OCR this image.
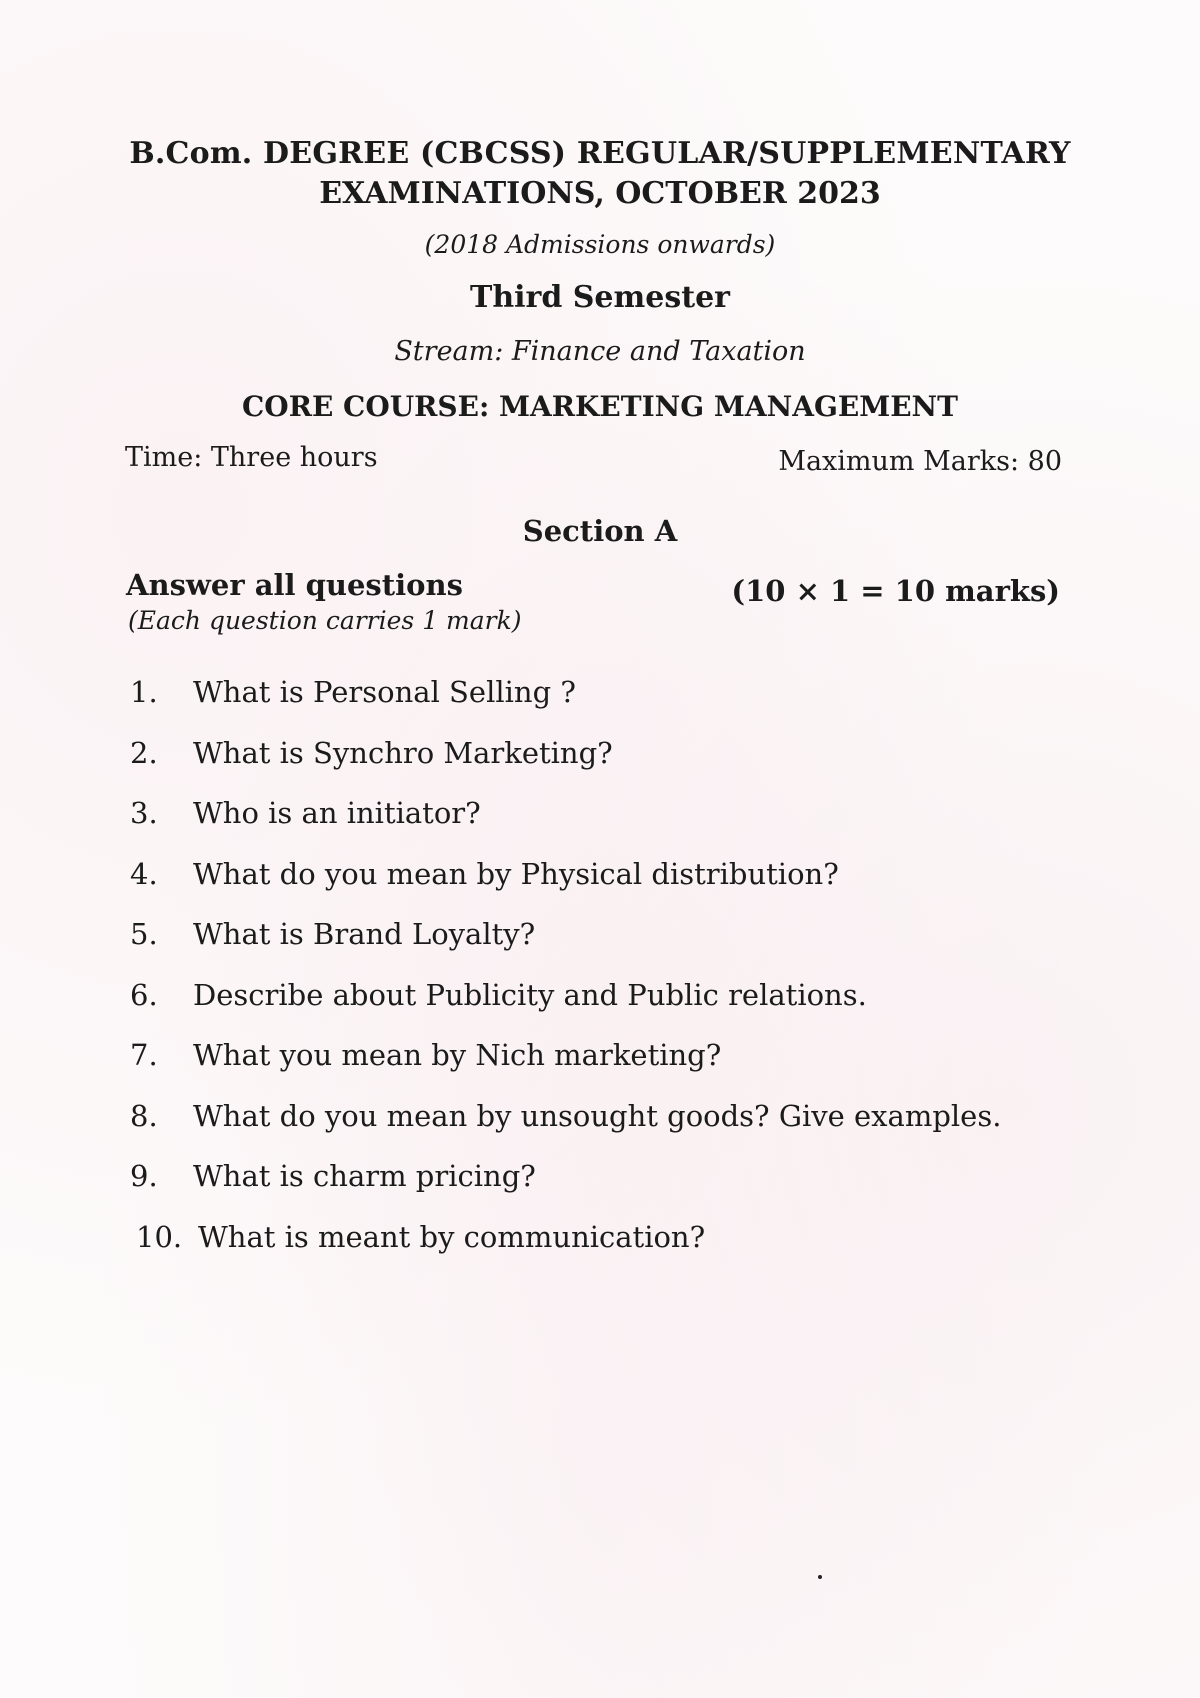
B.Com. DEGREE (CBCSS) REGULAR/SUPPLEMENTARY
EXAMINATIONS, OCTOBER 2023
(2018 Admissions onwards)
Third Semester
Stream: Finance and Taxation
CORE COURSE: MARKETING MANAGEMENT
Time: Three hours	Maximum Marks: 80
Section A
Answer all questions	(10 × 1 = 10 marks)
(Each question carries 1 mark)
1. What is Personal Selling ?
2. What is Synchro Marketing?
3. Who is an initiator?
4. What do you mean by Physical distribution?
5. What is Brand Loyalty?
6. Describe about Publicity and Public relations.
7. What you mean by Nich marketing?
8. What do you mean by unsought goods? Give examples.
9. What is charm pricing?
10. What is meant by communication?
